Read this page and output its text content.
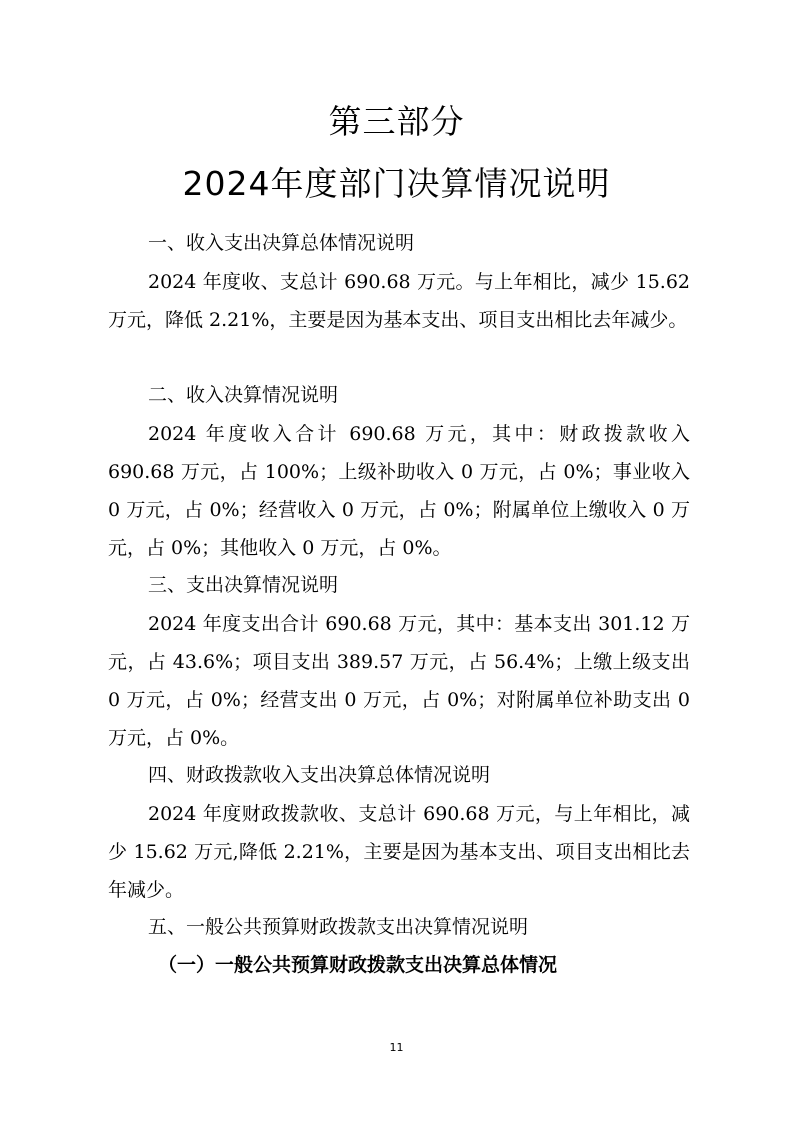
第三部分
2024年度部门决算情况说明

一、收入支出决算总体情况说明

2024 年度收、支总计 690.68 万元。与上年相比，减少 15.62 万元，降低 2.21%，主要是因为基本支出、项目支出相比去年减少。

二、收入决算情况说明

2024 年度收入合计 690.68 万元，其中：财政拨款收入 690.68 万元，占 100%；上级补助收入 0 万元，占 0%；事业收入 0 万元，占 0%；经营收入 0 万元，占 0%；附属单位上缴收入 0 万元，占 0%；其他收入 0 万元，占 0%。

三、支出决算情况说明

2024 年度支出合计 690.68 万元，其中：基本支出 301.12 万元，占 43.6%；项目支出 389.57 万元，占 56.4%；上缴上级支出 0 万元，占 0%；经营支出 0 万元，占 0%；对附属单位补助支出 0 万元，占 0%。

四、财政拨款收入支出决算总体情况说明

2024 年度财政拨款收、支总计 690.68 万元，与上年相比，减少 15.62 万元,降低 2.21%，主要是因为基本支出、项目支出相比去年减少。

五、一般公共预算财政拨款支出决算情况说明

（一）一般公共预算财政拨款支出决算总体情况

11
